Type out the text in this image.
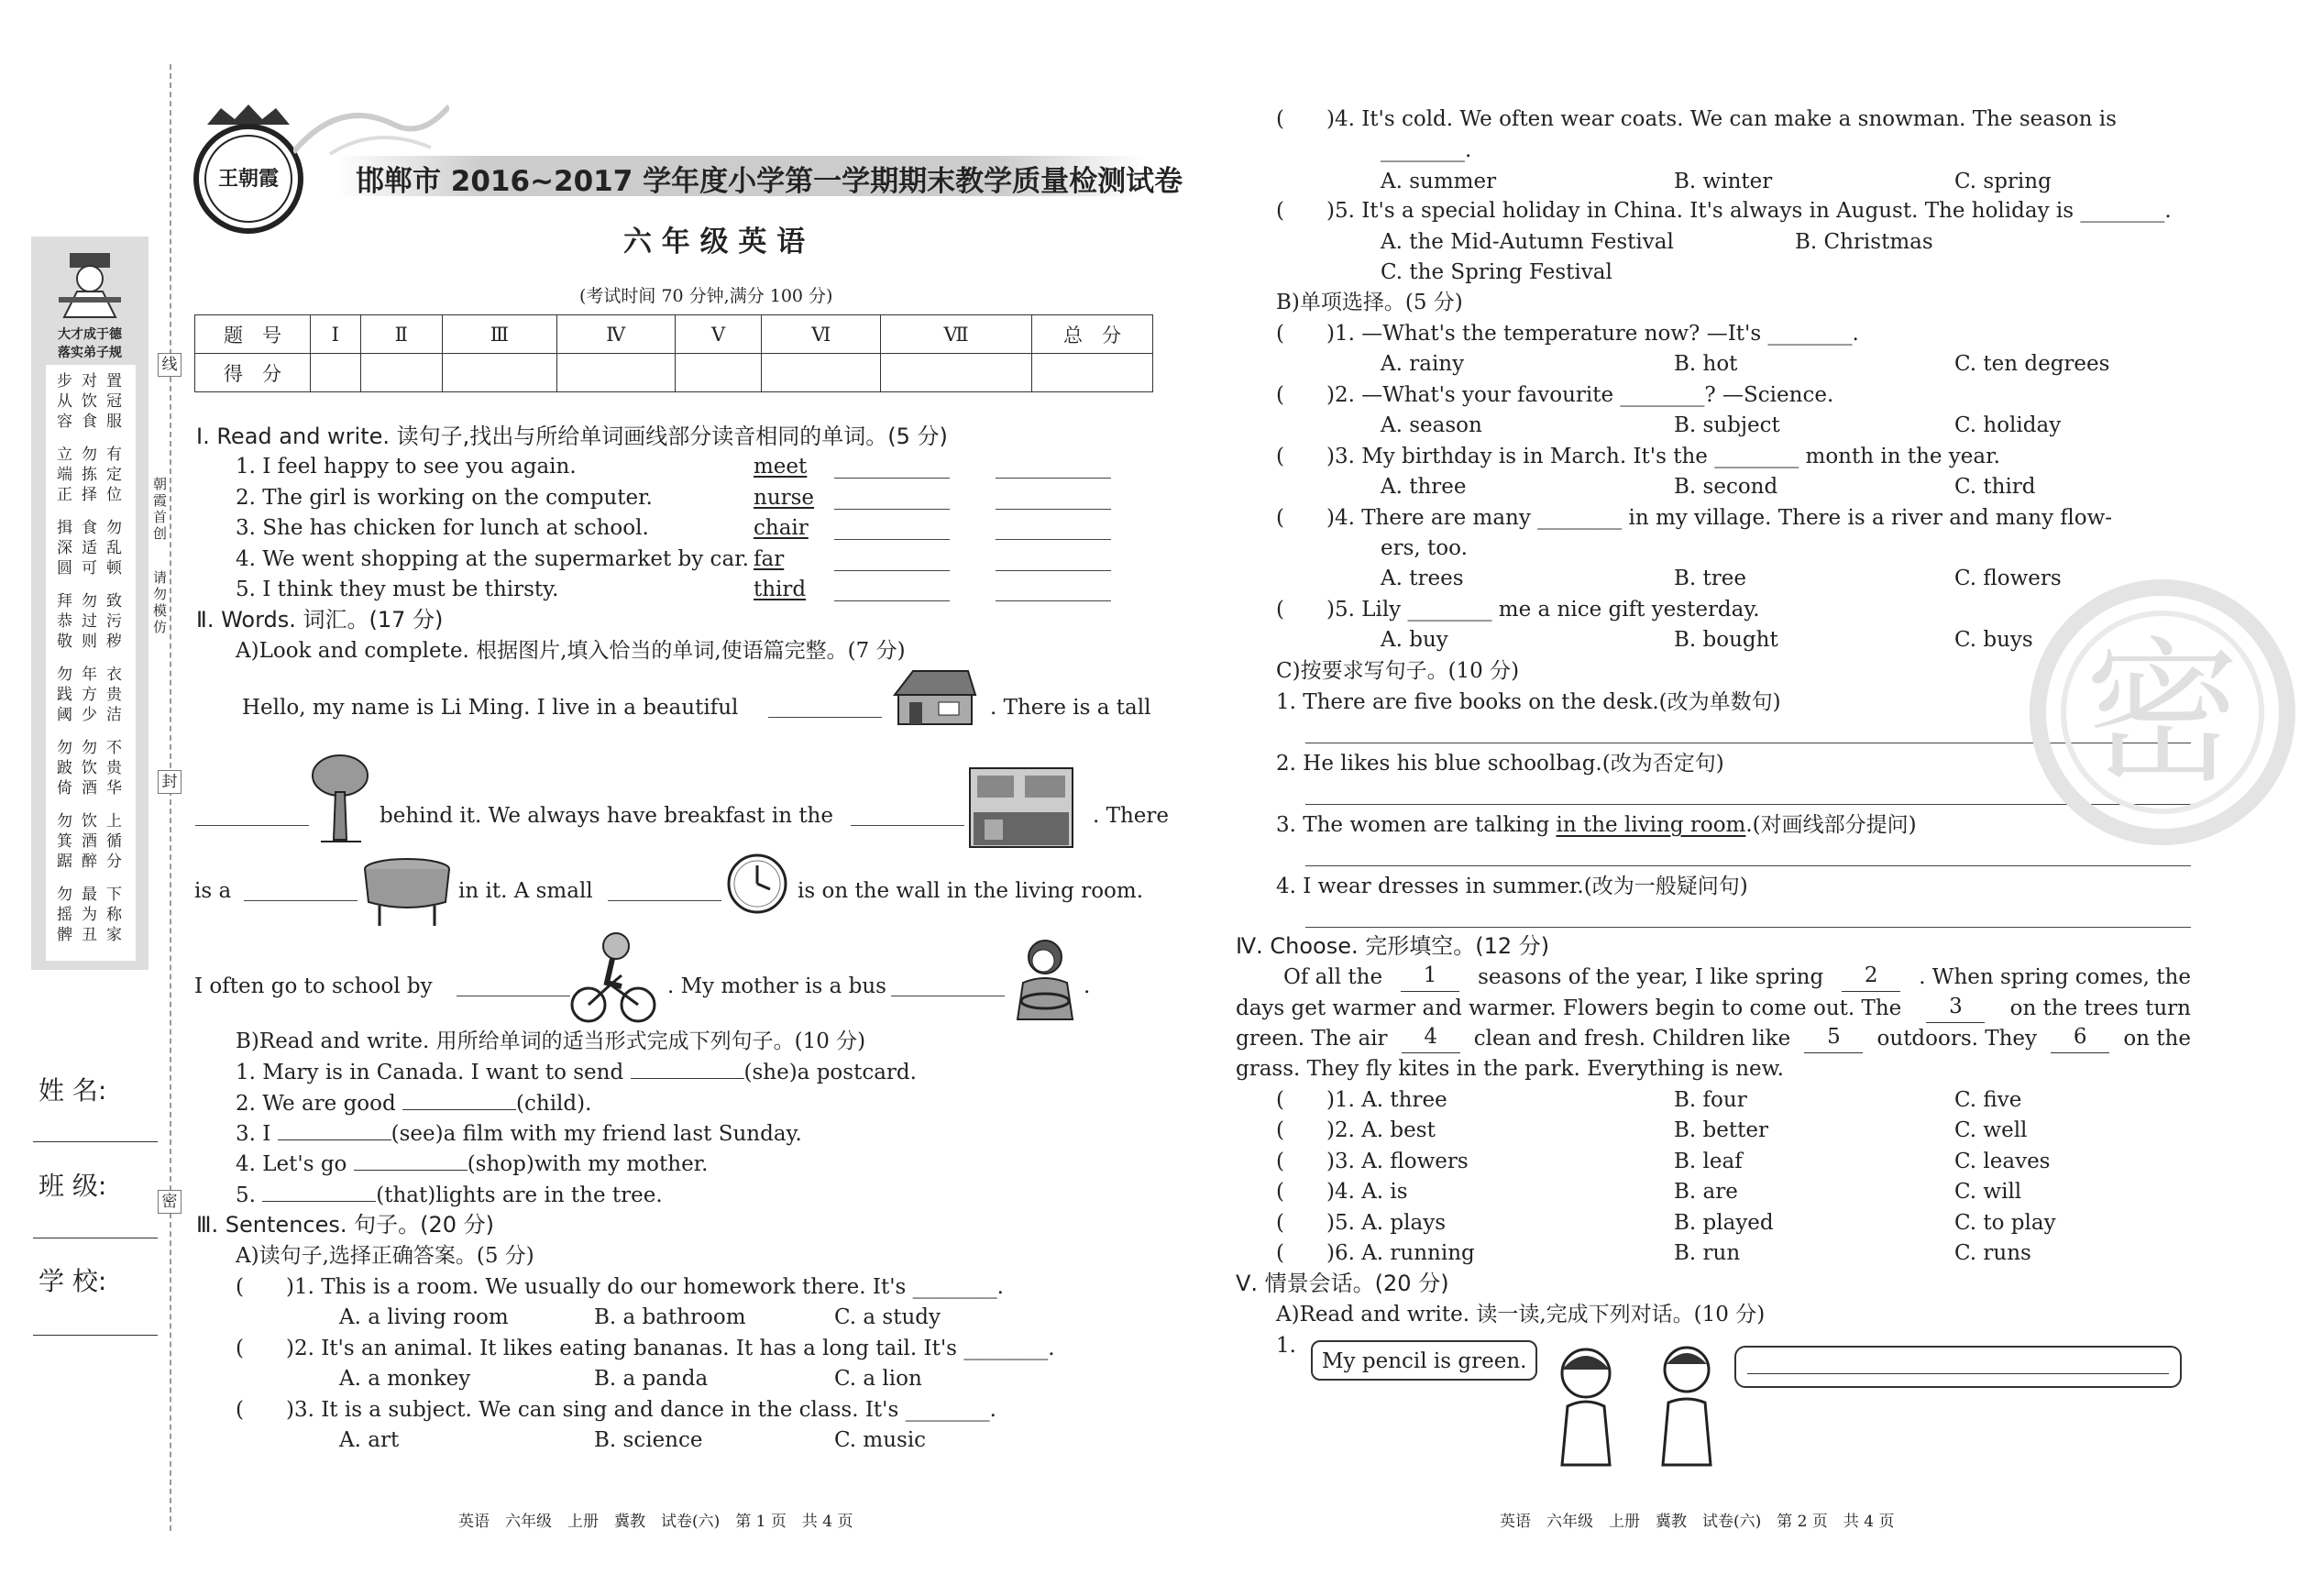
大才成于德
落实弟子规
步
从
容
对
饮
食
置
冠
服
立
端
正
勿
拣
择
有
定
位
揖
深
圆
食
适
可
勿
乱
顿
拜
恭
敬
勿
过
则
致
污
秽
勿
践
阈
年
方
少
衣
贵
洁
勿
跛
倚
勿
饮
酒
不
贵
华
勿
箕
踞
饮
酒
醉
上
循
分
勿
摇
髀
最
为
丑
下
称
家
姓 名:
班 级:
学 校:
线
封
密
朝霞首创
请勿模仿
王朝霞	邯郸市 2016~2017 学年度小学第一学期期末教学质量检测试卷
六 年 级 英 语
(考试时间 70 分钟,满分 100 分)
题　号	Ⅰ	Ⅱ	Ⅲ	Ⅳ	Ⅴ	Ⅵ	Ⅶ	总　分
得　分								
Ⅰ. Read and write. 读句子,找出与所给单词画线部分读音相同的单词。(5 分)
1. I feel happy to see you again.	meet
2. The girl is working on the computer.	nurse
3. She has chicken for lunch at school.	chair
4. We went shopping at the supermarket by car. far
5. I think they must be thirsty.	third
Ⅱ. Words. 词汇。(17 分)
A)Look and complete. 根据图片,填入恰当的单词,使语篇完整。(7 分)
Hello, my name is Li Ming. I live in a beautiful	. There is a tall
behind it. We always have breakfast in the	. There
is a	in it. A small	is on the wall in the living room.
I often go to school by	. My mother is a bus	.
B)Read and write. 用所给单词的适当形式完成下列句子。(10 分)
1. Mary is in Canada. I want to send	(she)a postcard.
2. We are good	(child).
3. I	(see)a film with my friend last Sunday.
4. Let's go	(shop)with my mother.
5.	(that)lights are in the tree.
Ⅲ. Sentences. 句子。(20 分)
A)读句子,选择正确答案。(5 分)
(　　)1. This is a room. We usually do our homework there. It's ________.
A. a living room	B. a bathroom	C. a study
(　　)2. It's an animal. It likes eating bananas. It has a long tail. It's ________.
A. a monkey	B. a panda	C. a lion
(　　)3. It is a subject. We can sing and dance in the class. It's ________.
A. art	B. science	C. music
(　　)4. It's cold. We often wear coats. We can make a snowman. The season is
________.
A. summer	B. winter	C. spring
(　　)5. It's a special holiday in China. It's always in August. The holiday is ________.
A. the Mid-Autumn Festival	B. Christmas
C. the Spring Festival
B)单项选择。(5 分)
(　　)1. —What's the temperature now? —It's ________.
A. rainy	B. hot	C. ten degrees
(　　)2. —What's your favourite ________? —Science.
A. season	B. subject	C. holiday
(　　)3. My birthday is in March. It's the ________ month in the year.
A. three	B. second	C. third
(　　)4. There are many ________ in my village. There is a river and many flow-
ers, too.
A. trees	B. tree	C. flowers
(　　)5. Lily ________ me a nice gift yesterday.
A. buy	B. bought	C. buys
C)按要求写句子。(10 分)
1. There are five books on the desk.(改为单数句)
2. He likes his blue schoolbag.(改为否定句)
3. The women are talking in the living room.(对画线部分提问)
4. I wear dresses in summer.(改为一般疑问句)
Ⅳ. Choose. 完形填空。(12 分)
Of all the	1	seasons of the year, I like spring	2	. When spring comes, the
days get warmer and warmer. Flowers begin to come out. The	3	on the trees turn
green. The air	4	clean and fresh. Children like	5	outdoors. They	6	on the
grass. They fly kites in the park. Everything is new.
(　　)1. A. three	B. four	C. five
(　　)2. A. best	B. better	C. well
(　　)3. A. flowers	B. leaf	C. leaves
(　　)4. A. is	B. are	C. will
(　　)5. A. plays	B. played	C. to play
(　　)6. A. running	B. run	C. runs
Ⅴ. 情景会话。(20 分)
A)Read and write. 读一读,完成下列对话。(10 分)
1.
My pencil is green.
密
英语　六年级　上册　冀教　试卷(六)　第 1 页　共 4 页	英语　六年级　上册　冀教　试卷(六)　第 2 页　共 4 页
